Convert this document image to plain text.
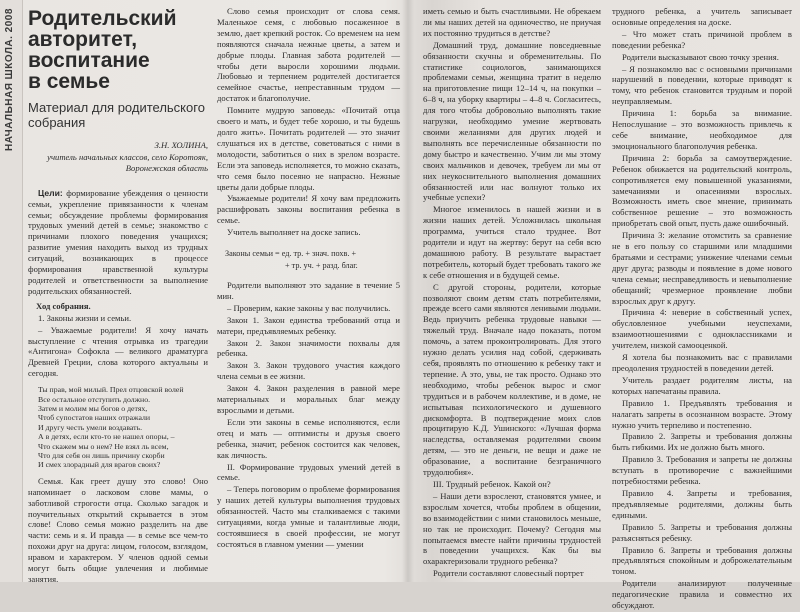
НАЧАЛЬНАЯ ШКОЛА. 2008 Родительский
авторитет,
воспитание
в семье
Материал для родительского собрания

З.Н. ХОЛИНА,

учитель начальных классов, село Коротояк,
Воронежская область

Цели: формирование убеждения о ценности семьи, укрепление привязанности к членам семьи; обсуждение проблемы формирования трудовых умений детей в семье; знакомство с причинами плохого поведения учащихся; развитие умения находить выход из трудных ситуаций, возникающих в процессе формирования нравственной культуры родителей и ответственности за выполнение родительских обязанностей.

Ход собрания.

1. Законы жизни и семьи.

– Уважаемые родители! Я хочу начать выступление с чтения отрывка из трагедии «Антигона» Софокла — великого драматурга Древней Греции, слова которого актуальны и сегодня.

Ты прав, мой милый. Прел отцовской волей
Все остальное отступить должно.
Затем и молим мы богов о детях,
Чтоб супостатов наших отражали
И другу честь умели воздавать.
А в детях, если кто-то не нашел опоры, –
Что скажем мы о нем? Не взял ль всем,
Что для себя он лишь причину скорби
И смех злорадный для врагов своих?

Семья. Как греет душу это слово! Оно напоминает о ласковом слове мамы, о заботливой строгости отца. Сколько загадок и поучительных открытий скрывается в этом слове! Слово семья можно разделить на две части: семь и я. И правда — в семье все чем-то похожи друг на друга: лицом, голосом, взглядом, нравом и характером. У членов одной семьи могут быть общие увлечения и любимые занятия.

Слово семья происходит от слова семя. Маленькое семя, с любовью посаженное в землю, дает крепкий росток. Со временем на нем появляются сначала нежные цветы, а затем и добрые плоды. Главная забота родителей — чтобы дети выросли хорошими людьми. Любовью и терпением родителей достигается семейное счастье, непреставнным трудом — достаток и благополучие.

Помните мудрую заповедь: «Почитай отца своего и мать, и будет тебе хорошо, и ты будешь долго жить». Почитать родителей — это значит слушаться их в детстве, советоваться с ними в молодости, заботиться о них в зрелом возрасте. Если эта заповедь исполняется, то можно сказать, что семя было посеяно не напрасно. Нежные цветы дали добрые плоды.

Уважаемые родители! Я хочу вам предложить расшифровать законы воспитания ребенка в семье.

Учитель выполняет на доске запись.

Законы семьи = ед. тр. + знач. похв. +
+ тр. уч. + разд. благ.

Родители выполняют это задание в течение 5 мин.

– Проверим, какие законы у вас получились.

Закон 1. Закон единства требований отца и матери, предъявляемых ребенку.

Закон 2. Закон значимости похвалы для ребенка.

Закон 3. Закон трудового участия каждого члена семьи в ее жизни.

Закон 4. Закон разделения в равной мере материальных и моральных благ между взрослыми и детьми.

Если эти законы в семье исполняются, если отец и мать — оптимисты и друзья своего ребенка, значит, ребенок состоится как человек, как личность.

II. Формирование трудовых умений детей в семье.

– Теперь поговорим о проблеме формирования у наших детей культуры выполнения трудовых обязанностей. Часто мы сталкиваемся с такими ситуациями, когда умные и талантливые люди, состоявшиеся в своей профессии, не могут состояться в главном умении — умении

иметь семью и быть счастливыми. Не обрекаем ли мы наших детей на одиночество, не приучая их постоянно трудиться в детстве?

Домашний труд, домашние повседневные обязанности скучны и обременительны. По статистике социологов, занимающихся проблемами семьи, женщина тратит в неделю на приготовление пищи 12–14 ч, на покупки – 6–8 ч, на уборку квартиры – 4–8 ч. Согласитесь, для того чтобы добровольно выполнять такие нагрузки, необходимо умение жертвовать своими желаниями для других людей и выполнять все перечисленные обязанности по дому быстро и качественно. Учим ли мы этому своих мальчиков и девочек, требуем ли мы от них неукоснительного выполнения домашних обязанностей или нас волнуют только их учебные успехи?

Многое изменилось в нашей жизни и в жизни наших детей. Усложнилась школьная программа, учиться стало труднее. Вот родители и идут на жертву: берут на себя всю домашнюю работу. В результате вырастает потребитель, который будет требовать такого же к себе отношения и в будущей семье.

С другой стороны, родители, которые позволяют своим детям стать потребителями, прежде всего сами являются ленивыми людьми. Ведь приучить ребенка трудовые навыки — тяжелый труд. Вначале надо показать, потом помочь, а затем проконтролировать. Для этого нужно делать усилия над собой, сдерживать себя, проявлять по отношению к ребенку такт и терпение. А это, увы, не так просто. Однако это необходимо, чтобы ребенок вырос и смог трудиться и в рабочем коллективе, и в доме, не испытывая психологического и душевного дискомфорта. В подтверждение моих слов процитирую К.Д. Ушинского: «Лучшая форма наследства, оставляемая родителями своим детям, — это не деньги, не вещи и даже не образование, а воспитание безграничного трудолюбия».

III. Трудный ребенок. Какой он?

– Наши дети взрослеют, становятся умнее, и взрослым хочется, чтобы проблем в общении, во взаимодействии с ними становилось меньше, но так не происходит. Почему? Сегодня мы попытаемся вместе найти причины трудностей в поведении учащихся. Как бы вы охарактеризовали трудного ребенка?

Родители составляют словесный портрет

трудного ребенка, а учитель записывает основные определения на доске.

– Что может стать причиной проблем в поведении ребенка?

Родители высказывают свою точку зрения.

– Я познакомлю вас с основными причинами нарушений в поведении, которые приводят к тому, что ребенок становится трудным и порой неуправляемым.

Причина 1: борьба за внимание. Непослушание – это возможность привлечь к себе внимание, необходимое для эмоционального благополучия ребенка.

Причина 2: борьба за самоутверждение. Ребенок обижается на родительский контроль, сопротивляется ему повышенной указаниями, замечаниями и опасениями взрослых. Возможность иметь свое мнение, принимать собственное решение – это возможность приобретать свой опыт, пусть даже ошибочный.

Причина 3: желание отомстить за сравнение не в его пользу со старшими или младшими братьями и сестрами; унижение членами семьи друг друга; разводы и появление в доме нового члена семьи; несправедливость и невыполнение обещаний; чрезмерное проявление любви взрослых друг к другу.

Причина 4: неверие в собственный успех, обусловленное учебными неуспехами, взаимоотношениями с одноклассниками и учителем, низкой самооценкой.

Я хотела бы познакомить вас с правилами преодоления трудностей в поведении детей.

Учитель раздает родителям листы, на которых напечатаны правила.

Правило 1. Предъявлять требования и налагать запреты в осознанном возрасте. Этому нужно учить терпеливо и постепенно.

Правило 2. Запреты и требования должны быть гибкими. Их не должно быть много.

Правило 3. Требования и запреты не должны вступать в противоречие с важнейшими потребностями ребенка.

Правило 4. Запреты и требования, предъявляемые родителями, должны быть едиными.

Правило 5. Запреты и требования должны разъясняться ребенку.

Правило 6. Запреты и требования должны предъявляться спокойным и доброжелательным тоном.

Родители анализируют полученные педагогические правила и совместно их обсуждают.
